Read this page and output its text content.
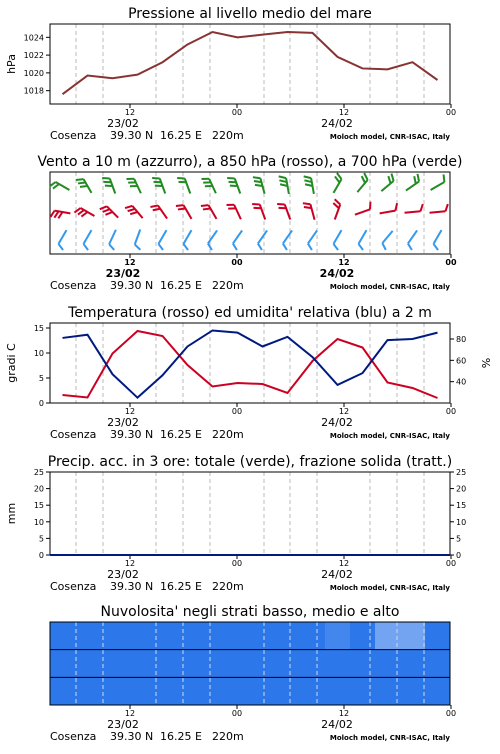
12	00	12	00
23/02	24/02
Cosenza 39.30 N 16.25 E 220m	Moloch model, CNR-ISAC, Italy
Pressione al livello medio del mare
1018
1020
1022
1024
hPa
12	00	12	00
23/02	24/02
Cosenza 39.30 N 16.25 E 220m	Moloch model, CNR-ISAC, Italy
Vento a 10 m (azzurro), a 850 hPa (rosso), a 700 hPa (verde)
12	00	12	00
23/02	24/02
Cosenza 39.30 N 16.25 E 220m	Moloch model, CNR-ISAC, Italy
Temperatura (rosso) ed umidita' relativa (blu) a 2 m
0
5
10
15
40
60
80
gradi C	%
12	00	12	00
23/02	24/02
Cosenza 39.30 N 16.25 E 220m	Moloch model, CNR-ISAC, Italy
Precip. acc. in 3 ore: totale (verde), frazione solida (tratt.)
0
5
10
15
20
25
0
5
10
15
20
25
mm
12	00	12	00
23/02	24/02
Cosenza 39.30 N 16.25 E 220m	Moloch model, CNR-ISAC, Italy
Nuvolosita' negli strati basso, medio e alto
